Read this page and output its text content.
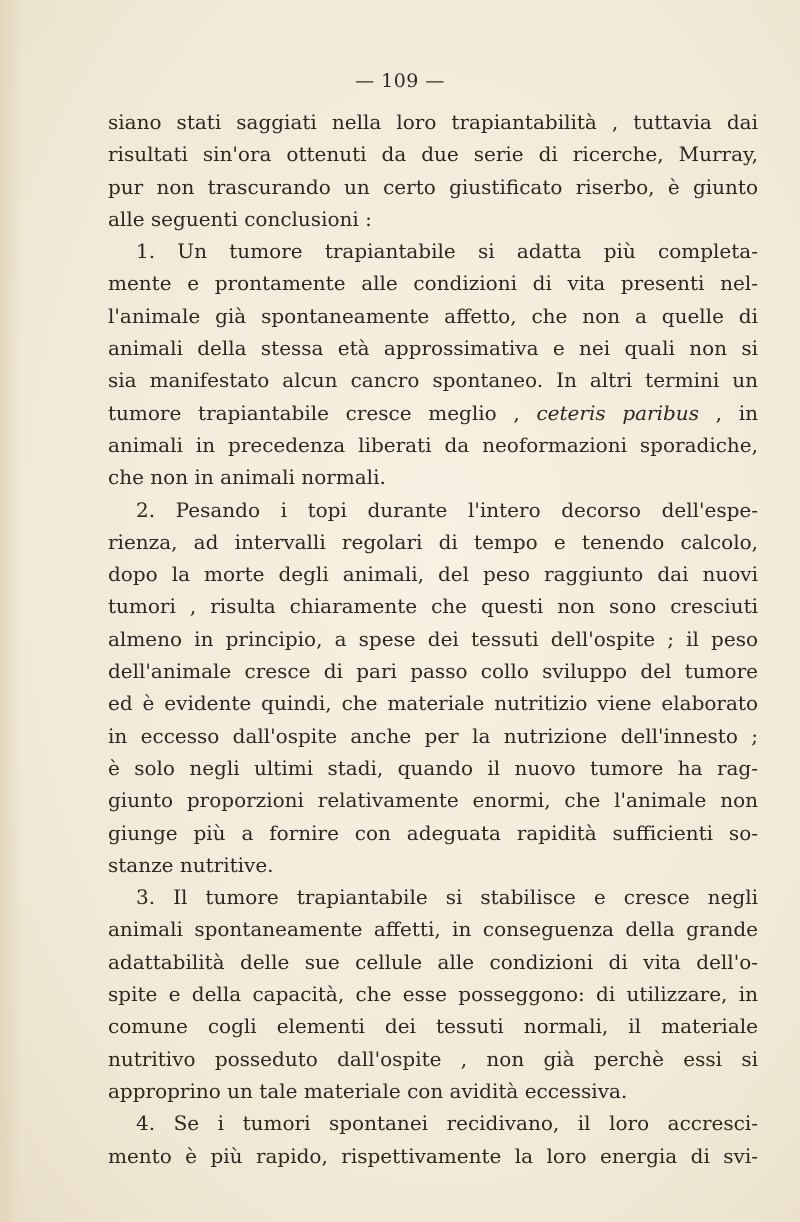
— 109 —
siano stati saggiati nella loro trapiantabilità , tuttavia dai
risultati sin'ora ottenuti da due serie di ricerche, Murray,
pur non trascurando un certo giustificato riserbo, è giunto
alle seguenti conclusioni :
1. Un tumore trapiantabile si adatta più completa-
mente e prontamente alle condizioni di vita presenti nel-
l'animale già spontaneamente affetto, che non a quelle di
animali della stessa età approssimativa e nei quali non si
sia manifestato alcun cancro spontaneo. In altri termini un
tumore trapiantabile cresce meglio , ceteris paribus , in
animali in precedenza liberati da neoformazioni sporadiche,
che non in animali normali.
2. Pesando i topi durante l'intero decorso dell'espe-
rienza, ad intervalli regolari di tempo e tenendo calcolo,
dopo la morte degli animali, del peso raggiunto dai nuovi
tumori , risulta chiaramente che questi non sono cresciuti
almeno in principio, a spese dei tessuti dell'ospite ; il peso
dell'animale cresce di pari passo collo sviluppo del tumore
ed è evidente quindi, che materiale nutritizio viene elaborato
in eccesso dall'ospite anche per la nutrizione dell'innesto ;
è solo negli ultimi stadi, quando il nuovo tumore ha rag-
giunto proporzioni relativamente enormi, che l'animale non
giunge più a fornire con adeguata rapidità sufficienti so-
stanze nutritive.
3. Il tumore trapiantabile si stabilisce e cresce negli
animali spontaneamente affetti, in conseguenza della grande
adattabilità delle sue cellule alle condizioni di vita dell'o-
spite e della capacità, che esse posseggono: di utilizzare, in
comune cogli elementi dei tessuti normali, il materiale
nutritivo posseduto dall'ospite , non già perchè essi si
approprino un tale materiale con avidità eccessiva.
4. Se i tumori spontanei recidivano, il loro accresci-
mento è più rapido, rispettivamente la loro energia di svi-
